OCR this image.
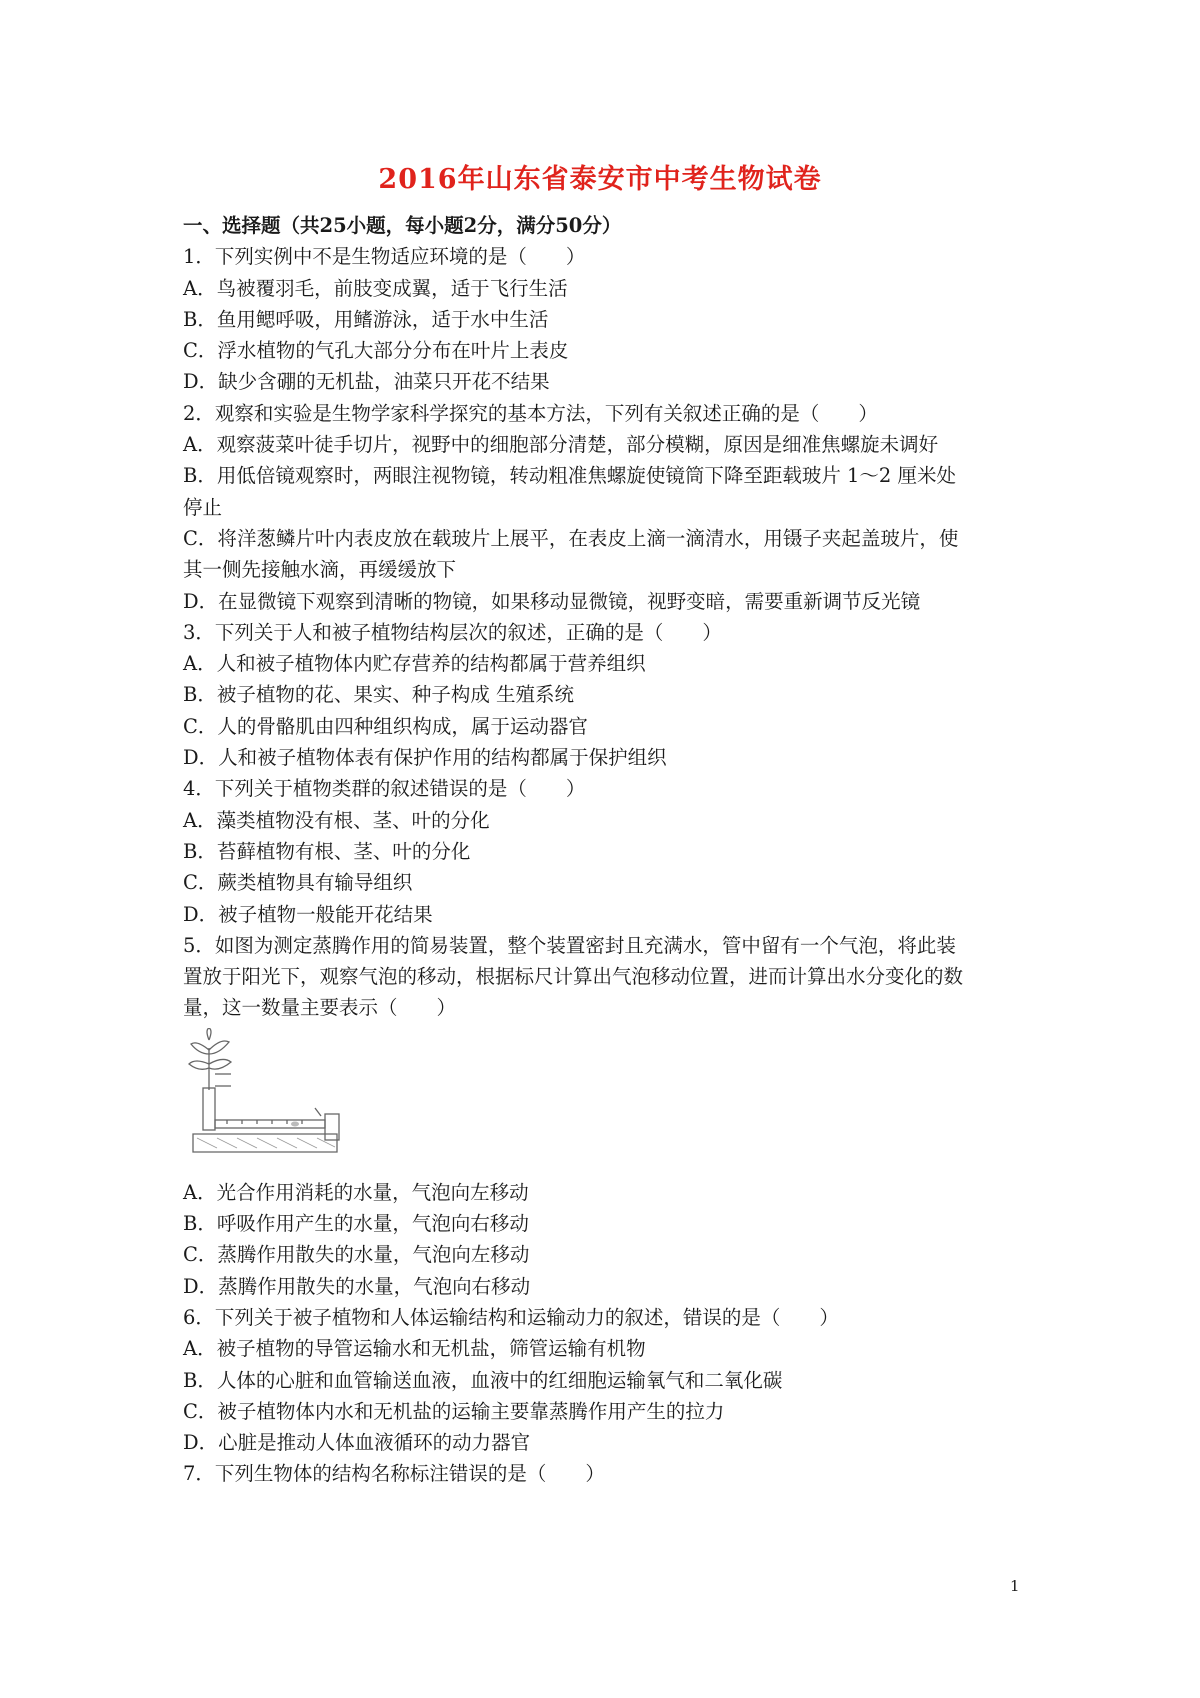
2016年山东省泰安市中考生物试卷
一、选择题（共25小题，每小题2分，满分50分）
1．下列实例中不是生物适应环境的是（　　）
A．鸟被覆羽毛，前肢变成翼，适于飞行生活
B．鱼用鳃呼吸，用鳍游泳，适于水中生活
C．浮水植物的气孔大部分分布在叶片上表皮
D．缺少含硼的无机盐，油菜只开花不结果
2．观察和实验是生物学家科学探究的基本方法，下列有关叙述正确的是（　　）
A．观察菠菜叶徒手切片，视野中的细胞部分清楚，部分模糊，原因是细准焦螺旋未调好
B．用低倍镜观察时，两眼注视物镜，转动粗准焦螺旋使镜筒下降至距载玻片 1～2 厘米处
停止
C．将洋葱鳞片叶内表皮放在载玻片上展平，在表皮上滴一滴清水，用镊子夹起盖玻片，使
其一侧先接触水滴，再缓缓放下
D．在显微镜下观察到清晰的物镜，如果移动显微镜，视野变暗，需要重新调节反光镜
3．下列关于人和被子植物结构层次的叙述，正确的是（　　）
A．人和被子植物体内贮存营养的结构都属于营养组织
B．被子植物的花、果实、种子构成 生殖系统
C．人的骨骼肌由四种组织构成，属于运动器官
D．人和被子植物体表有保护作用的结构都属于保护组织
4．下列关于植物类群的叙述错误的是（　　）
A．藻类植物没有根、茎、叶的分化
B．苔藓植物有根、茎、叶的分化
C．蕨类植物具有输导组织
D．被子植物一般能开花结果
5．如图为测定蒸腾作用的简易装置，整个装置密封且充满水，管中留有一个气泡，将此装
置放于阳光下，观察气泡的移动，根据标尺计算出气泡移动位置，进而计算出水分变化的数
量，这一数量主要表示（　　）
A．光合作用消耗的水量，气泡向左移动
B．呼吸作用产生的水量，气泡向右移动
C．蒸腾作用散失的水量，气泡向左移动
D．蒸腾作用散失的水量，气泡向右移动
6．下列关于被子植物和人体运输结构和运输动力的叙述，错误的是（　　）
A．被子植物的导管运输水和无机盐，筛管运输有机物
B．人体的心脏和血管输送血液，血液中的红细胞运输氧气和二氧化碳
C．被子植物体内水和无机盐的运输主要靠蒸腾作用产生的拉力
D．心脏是推动人体血液循环的动力器官
7．下列生物体的结构名称标注错误的是（　　）
1
